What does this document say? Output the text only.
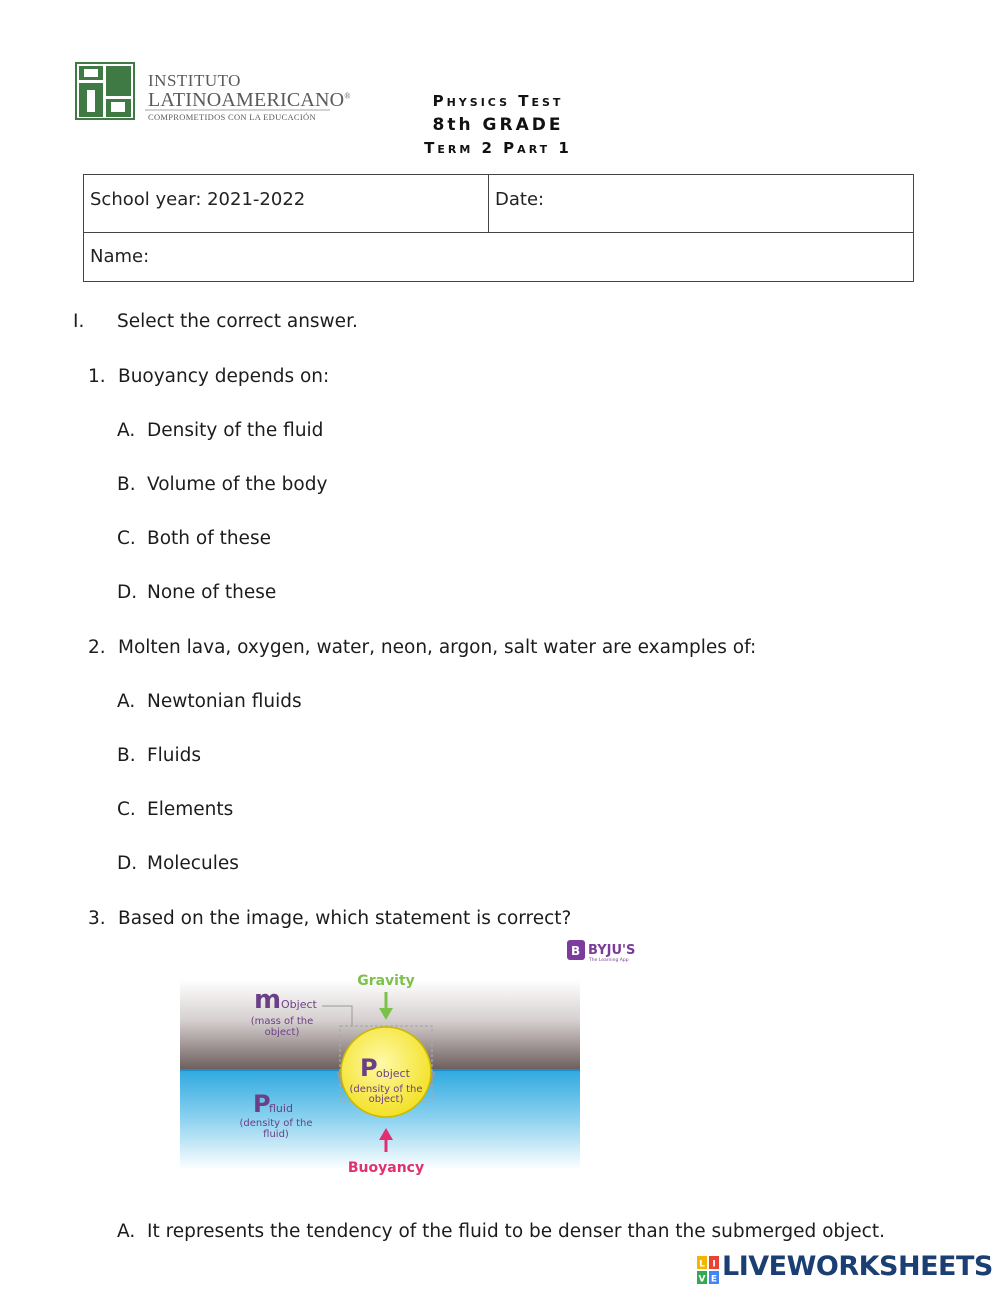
INSTITUTO
LATINOAMERICANO®
COMPROMETIDOS CON LA EDUCACIÓN
Physics Test
8th GRADE
Term 2 Part 1
School year: 2021-2022	Date:
Name:
I. Select the correct answer.
1. Buoyancy depends on:
A. Density of the fluid
B. Volume of the body
C. Both of these
D. None of these
2. Molten lava, oxygen, water, neon, argon, salt water are examples of:
A. Newtonian fluids
B. Fluids
C. Elements
D. Molecules
3. Based on the image, which statement is correct?
B BYJU'S
The Learning App
Gravity
Buoyancy
m Object
(mass of the
object)
P
object
(density of the
object)
P
fluid
(density of the
fluid)
A. It represents the tendency of the fluid to be denser than the submerged object.
L I
V E LIVEWORKSHEETS
